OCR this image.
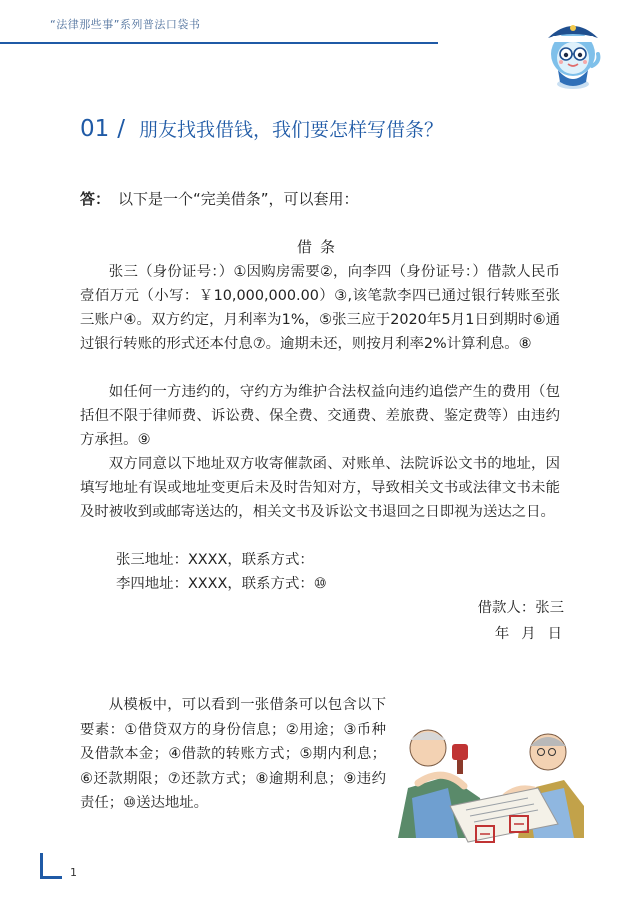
“法律那些事”系列普法口袋书
01 / 朋友找我借钱，我们要怎样写借条？
答： 以下是一个“完美借条”，可以套用：
借条

张三（身份证号：）①因购房需要②，向李四（身份证号：）借款人民币壹佰万元（小写：￥10,000,000.00）③,该笔款李四已通过银行转账至张三账户④。双方约定，月利率为1%，⑤张三应于2020年5月1日到期时⑥通过银行转账的形式还本付息⑦。逾期未还，则按月利率2%计算利息。⑧

如任何一方违约的，守约方为维护合法权益向违约追偿产生的费用（包括但不限于律师费、诉讼费、保全费、交通费、差旅费、鉴定费等）由违约方承担。⑨

双方同意以下地址双方收寄催款函、对账单、法院诉讼文书的地址，因填写地址有误或地址变更后未及时告知对方，导致相关文书或法律文书未能及时被收到或邮寄送达的，相关文书及诉讼文书退回之日即视为送达之日。

张三地址：XXXX，联系方式：
李四地址：XXXX，联系方式：⑩
借款人：张三
年月日

从模板中，可以看到一张借条可以包含以下要素：①借贷双方的身份信息；②用途；③币种及借款本金；④借款的转账方式；⑤期内利息；⑥还款期限；⑦还款方式；⑧逾期利息；⑨违约责任；⑩送达地址。

1
